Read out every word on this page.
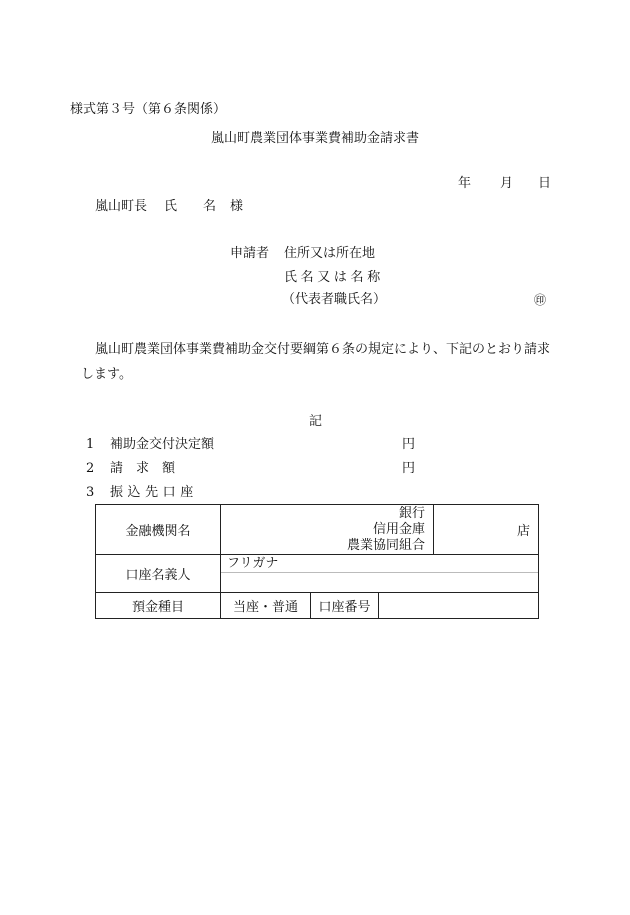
様式第３号（第６条関係）
嵐山町農業団体事業費補助金請求書
年 月 日
嵐山町長 氏　　名 様
申請者 住所又は所在地
氏名又は名称
（代表者職氏名）	㊞
嵐山町農業団体事業費補助金交付要綱第６条の規定により、下記のとおり請求
します。
記
1 補助金交付決定額	円
2 請　求　額	円
3 振込先口座
金融機関名	銀行
信用金庫
農業協同組合			店
口座名義人	フリガナ			

預金種目	当座・普通	口座番号		
